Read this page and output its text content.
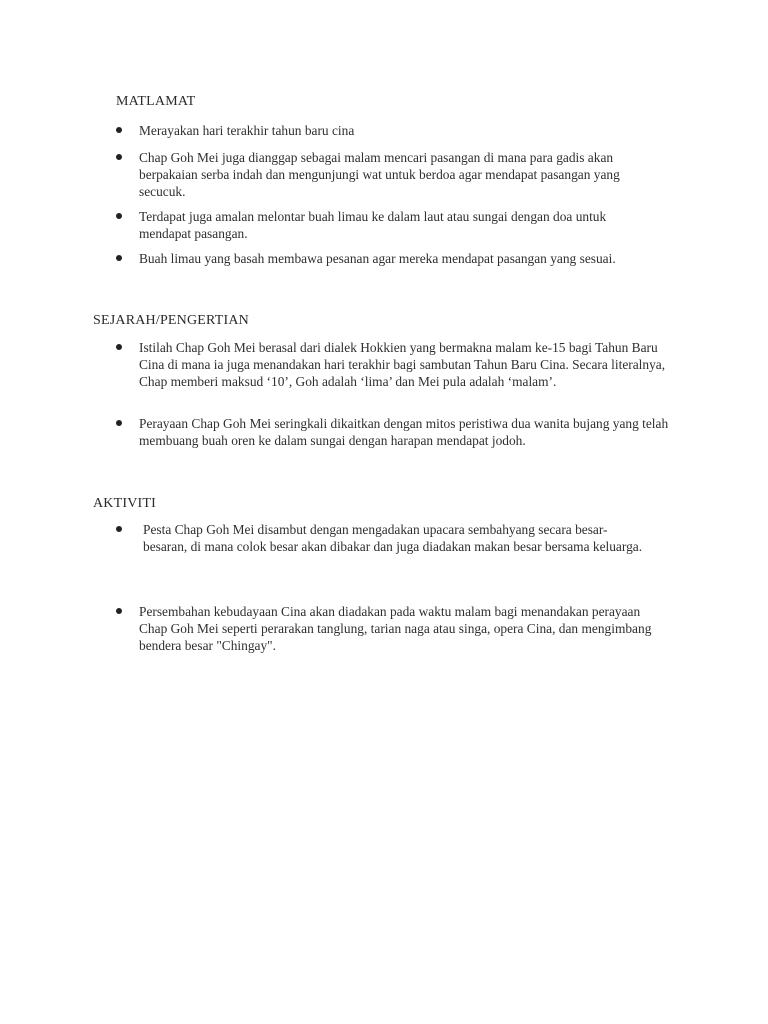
MATLAMAT

Merayakan hari terakhir tahun baru cina

Chap Goh Mei juga dianggap sebagai malam mencari pasangan di mana para gadis akan berpakaian serba indah dan mengunjungi wat untuk berdoa agar mendapat pasangan yang secucuk.

Terdapat juga amalan melontar buah limau ke dalam laut atau sungai dengan doa untuk mendapat pasangan.

Buah limau yang basah membawa pesanan agar mereka mendapat pasangan yang sesuai.

SEJARAH/PENGERTIAN

Istilah Chap Goh Mei berasal dari dialek Hokkien yang bermakna malam ke-15 bagi Tahun Baru Cina di mana ia juga menandakan hari terakhir bagi sambutan Tahun Baru Cina. Secara literalnya, Chap memberi maksud ‘10’, Goh adalah ‘lima’ dan Mei pula adalah ‘malam’.

Perayaan Chap Goh Mei seringkali dikaitkan dengan mitos peristiwa dua wanita bujang yang telah membuang buah oren ke dalam sungai dengan harapan mendapat jodoh.

AKTIVITI

Pesta Chap Goh Mei disambut dengan mengadakan upacara sembahyang secara besar-besaran, di mana colok besar akan dibakar dan juga diadakan makan besar bersama keluarga.

Persembahan kebudayaan Cina akan diadakan pada waktu malam bagi menandakan perayaan Chap Goh Mei seperti perarakan tanglung, tarian naga atau singa, opera Cina, dan mengimbang bendera besar "Chingay".
